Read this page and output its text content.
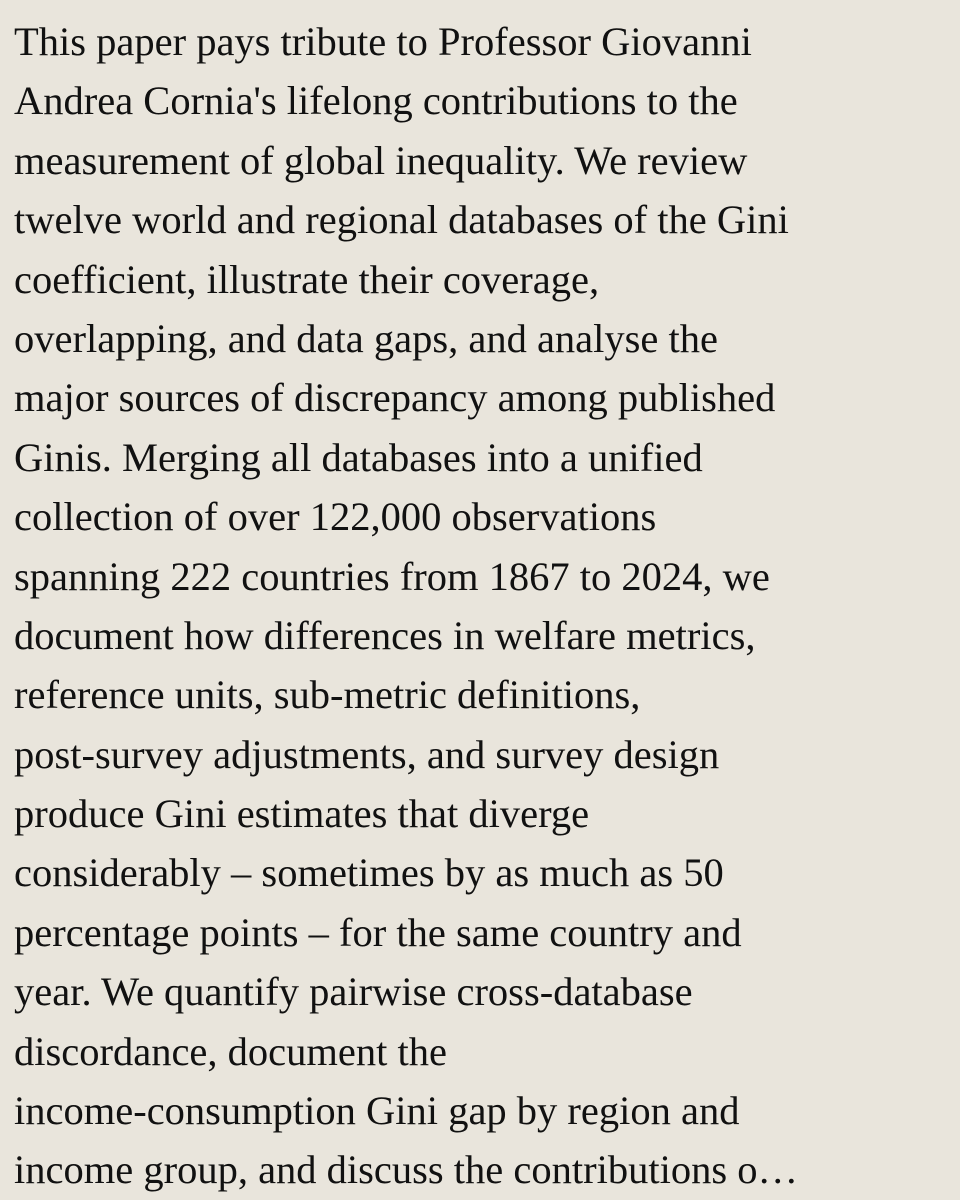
This paper pays tribute to Professor Giovanni
Andrea Cornia's lifelong contributions to the
measurement of global inequality. We review
twelve world and regional databases of the Gini
coefficient, illustrate their coverage,
overlapping, and data gaps, and analyse the
major sources of discrepancy among published
Ginis. Merging all databases into a unified
collection of over 122,000 observations
spanning 222 countries from 1867 to 2024, we
document how differences in welfare metrics,
reference units, sub-metric definitions,
post-survey adjustments, and survey design
produce Gini estimates that diverge
considerably – sometimes by as much as 50
percentage points – for the same country and
year. We quantify pairwise cross-database
discordance, document the
income-consumption Gini gap by region and
income group, and discuss the contributions o…
